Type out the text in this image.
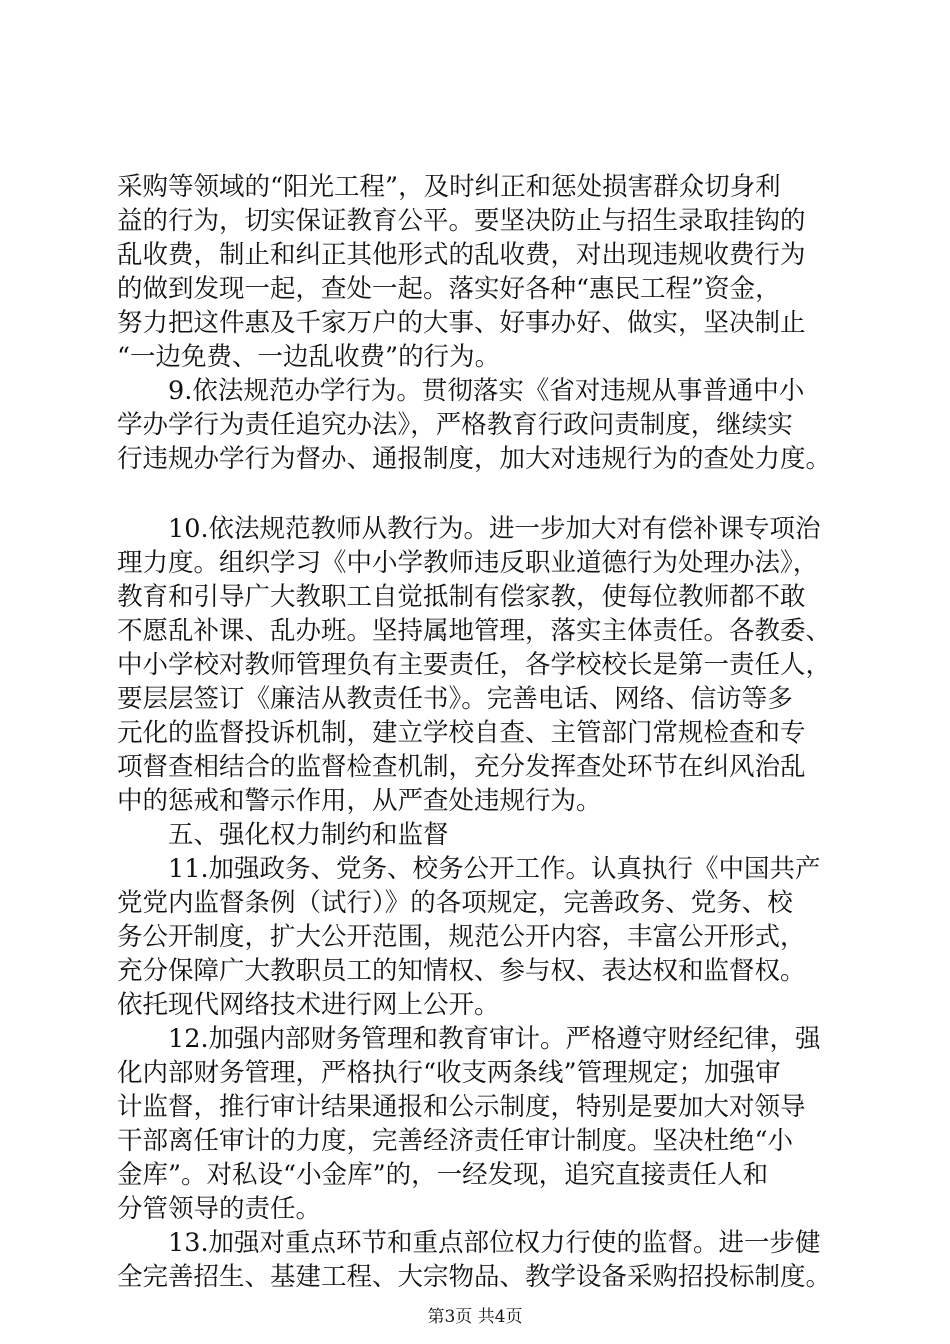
采购等领域的“阳光工程”，及时纠正和惩处损害群众切身利
益的行为，切实保证教育公平。要坚决防止与招生录取挂钩的
乱收费，制止和纠正其他形式的乱收费，对出现违规收费行为
的做到发现一起，查处一起。落实好各种“惠民工程”资金，
努力把这件惠及千家万户的大事、好事办好、做实，坚决制止
“一边免费、一边乱收费”的行为。
　　9.依法规范办学行为。贯彻落实《省对违规从事普通中小
学办学行为责任追究办法》，严格教育行政问责制度，继续实
行违规办学行为督办、通报制度，加大对违规行为的查处力度。
　　10.依法规范教师从教行为。进一步加大对有偿补课专项治
理力度。组织学习《中小学教师违反职业道德行为处理办法》，
教育和引导广大教职工自觉抵制有偿家教，使每位教师都不敢
不愿乱补课、乱办班。坚持属地管理，落实主体责任。各教委、
中小学校对教师管理负有主要责任，各学校校长是第一责任人，
要层层签订《廉洁从教责任书》。完善电话、网络、信访等多
元化的监督投诉机制，建立学校自查、主管部门常规检查和专
项督查相结合的监督检查机制，充分发挥查处环节在纠风治乱
中的惩戒和警示作用，从严查处违规行为。
　　五、强化权力制约和监督
　　11.加强政务、党务、校务公开工作。认真执行《中国共产
党党内监督条例（试行）》的各项规定，完善政务、党务、校
务公开制度，扩大公开范围，规范公开内容，丰富公开形式，
充分保障广大教职员工的知情权、参与权、表达权和监督权。
依托现代网络技术进行网上公开。
　　12.加强内部财务管理和教育审计。严格遵守财经纪律，强
化内部财务管理，严格执行“收支两条线”管理规定；加强审
计监督，推行审计结果通报和公示制度，特别是要加大对领导
干部离任审计的力度，完善经济责任审计制度。坚决杜绝“小
金库”。对私设“小金库”的，一经发现，追究直接责任人和
分管领导的责任。
　　13.加强对重点环节和重点部位权力行使的监督。进一步健
全完善招生、基建工程、大宗物品、教学设备采购招投标制度。
第3页 共4页
